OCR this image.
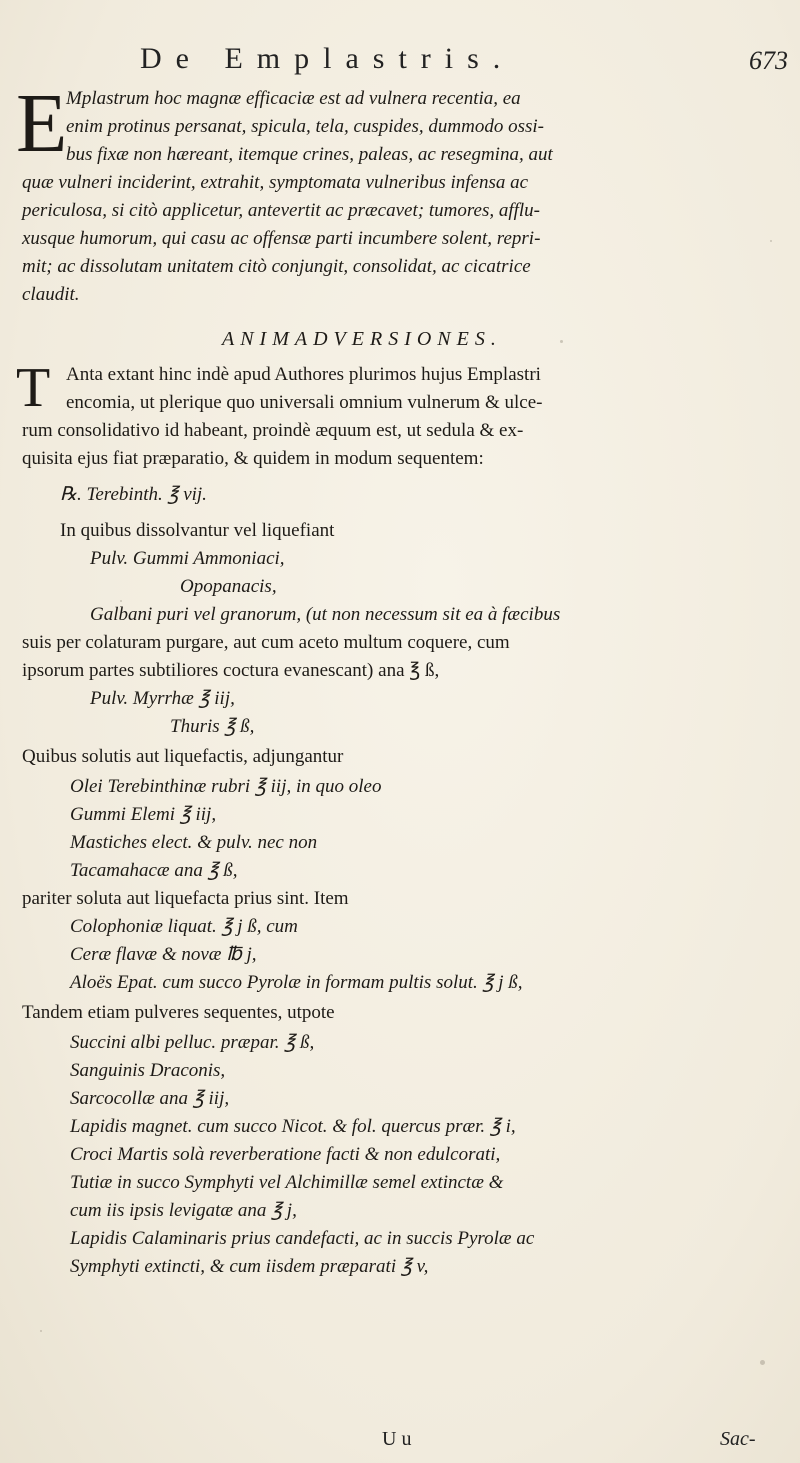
De Emplastris.	673
E
Mplastrum hoc magnæ efficaciæ est ad vulnera recentia, ea
enim protinus persanat, spicula, tela, cuspides, dummodo ossi-
bus fixæ non hæreant, itemque crines, paleas, ac resegmina, aut
quæ vulneri inciderint, extrahit, symptomata vulneribus infensa ac
periculosa, si citò applicetur, antevertit ac præcavet; tumores, afflu-
xusque humorum, qui casu ac offensæ parti incumbere solent, repri-
mit; ac dissolutam unitatem citò conjungit, consolidat, ac cicatrice
claudit.
ANIMADVERSIONES.
T Anta extant hinc indè apud Authores plurimos hujus Emplastri
encomia, ut plerique quo universali omnium vulnerum & ulce-
rum consolidativo id habeant, proindè æquum est, ut sedula & ex-
quisita ejus fiat præparatio, & quidem in modum sequentem:
℞. Terebinth. ℥ vij.
In quibus dissolvantur vel liquefiant
Pulv. Gummi Ammoniaci,
Opopanacis,
Galbani puri vel granorum, (ut non necessum sit ea à fæcibus
suis per colaturam purgare, aut cum aceto multum coquere, cum
ipsorum partes subtiliores coctura evanescant) ana ℥ ß,
Pulv. Myrrhæ ℥ iij,
Thuris ℥ ß,
Quibus solutis aut liquefactis, adjungantur
Olei Terebinthinæ rubri ℥ iij, in quo oleo
Gummi Elemi ℥ iij,
Mastiches elect. & pulv. nec non
Tacamahacæ ana ℥ ß,
pariter soluta aut liquefacta prius sint. Item
Colophoniæ liquat. ℥ j ß, cum
Ceræ flavæ & novæ ℔ j,
Aloës Epat. cum succo Pyrolæ in formam pultis solut. ℥ j ß,
Tandem etiam pulveres sequentes, utpote
Succini albi pelluc. præpar. ℥ ß,
Sanguinis Draconis,
Sarcocollæ ana ℥ iij,
Lapidis magnet. cum succo Nicot. & fol. quercus prær. ℥ i,
Croci Martis solà reverberatione facti & non edulcorati,
Tutiæ in succo Symphyti vel Alchimillæ semel extinctæ &
cum iis ipsis levigatæ ana ℥ j,
Lapidis Calaminaris prius candefacti, ac in succis Pyrolæ ac
Symphyti extincti, & cum iisdem præparati ℥ v,
U u	Sac-
